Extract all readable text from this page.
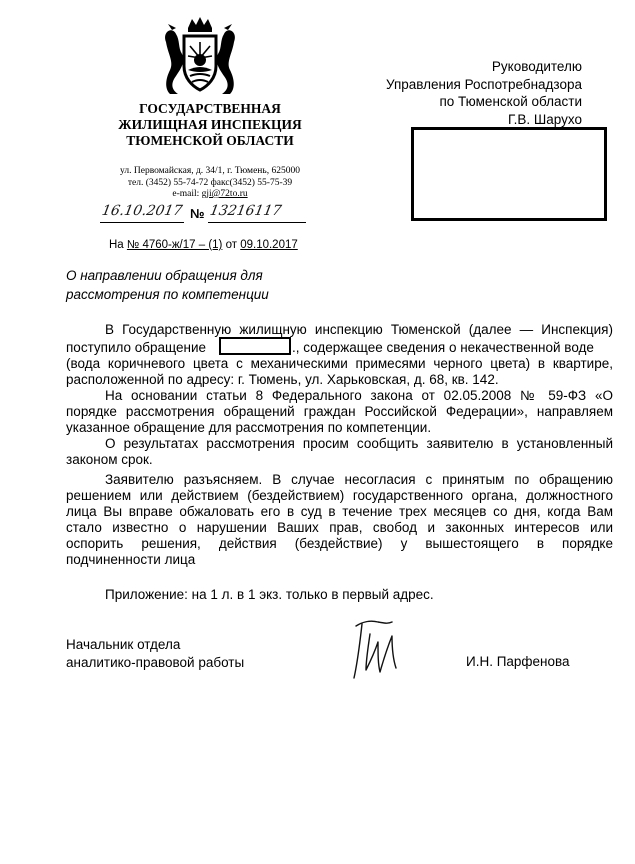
ГОСУДАРСТВЕННАЯ
ЖИЛИЩНАЯ ИНСПЕКЦИЯ
ТЮМЕНСКОЙ ОБЛАСТИ
ул. Первомайская, д. 34/1, г. Тюмень, 625000
тел. (3452) 55-74-72 факс(3452) 55-75-39
e-mail: gji@72to.ru
16.10.2017 № 13216117
На № 4760-ж/17 – (1) от 09.10.2017
Руководителю
Управления Роспотребнадзора
по Тюменской области
Г.В. Шарухо
О направлении обращения для
рассмотрения по компетенции
В Государственную жилищную инспекцию Тюменской (далее — Инспекция)
поступило обращение	., содержащее сведения о некачественной воде
(вода коричневого цвета с механическими примесями черного цвета) в квартире,
расположенной по адресу: г. Тюмень, ул. Харьковская, д. 68, кв. 142.
На основании статьи 8 Федерального закона от 02.05.2008 № 59-ФЗ «О
порядке рассмотрения обращений граждан Российской Федерации», направляем
указанное обращение для рассмотрения по компетенции.
О результатах рассмотрения просим сообщить заявителю в установленный
законом срок.
Заявителю разъясняем. В случае несогласия с принятым по обращению
решением или действием (бездействием) государственного органа, должностного
лица Вы вправе обжаловать его в суд в течение трех месяцев со дня, когда Вам
стало известно о нарушении Ваших прав, свобод и законных интересов или
оспорить решения, действия (бездействие) у вышестоящего в порядке
подчиненности лица
Приложение: на 1 л. в 1 экз. только в первый адрес.
Начальник отдела
аналитико-правовой работы	И.Н. Парфенова
